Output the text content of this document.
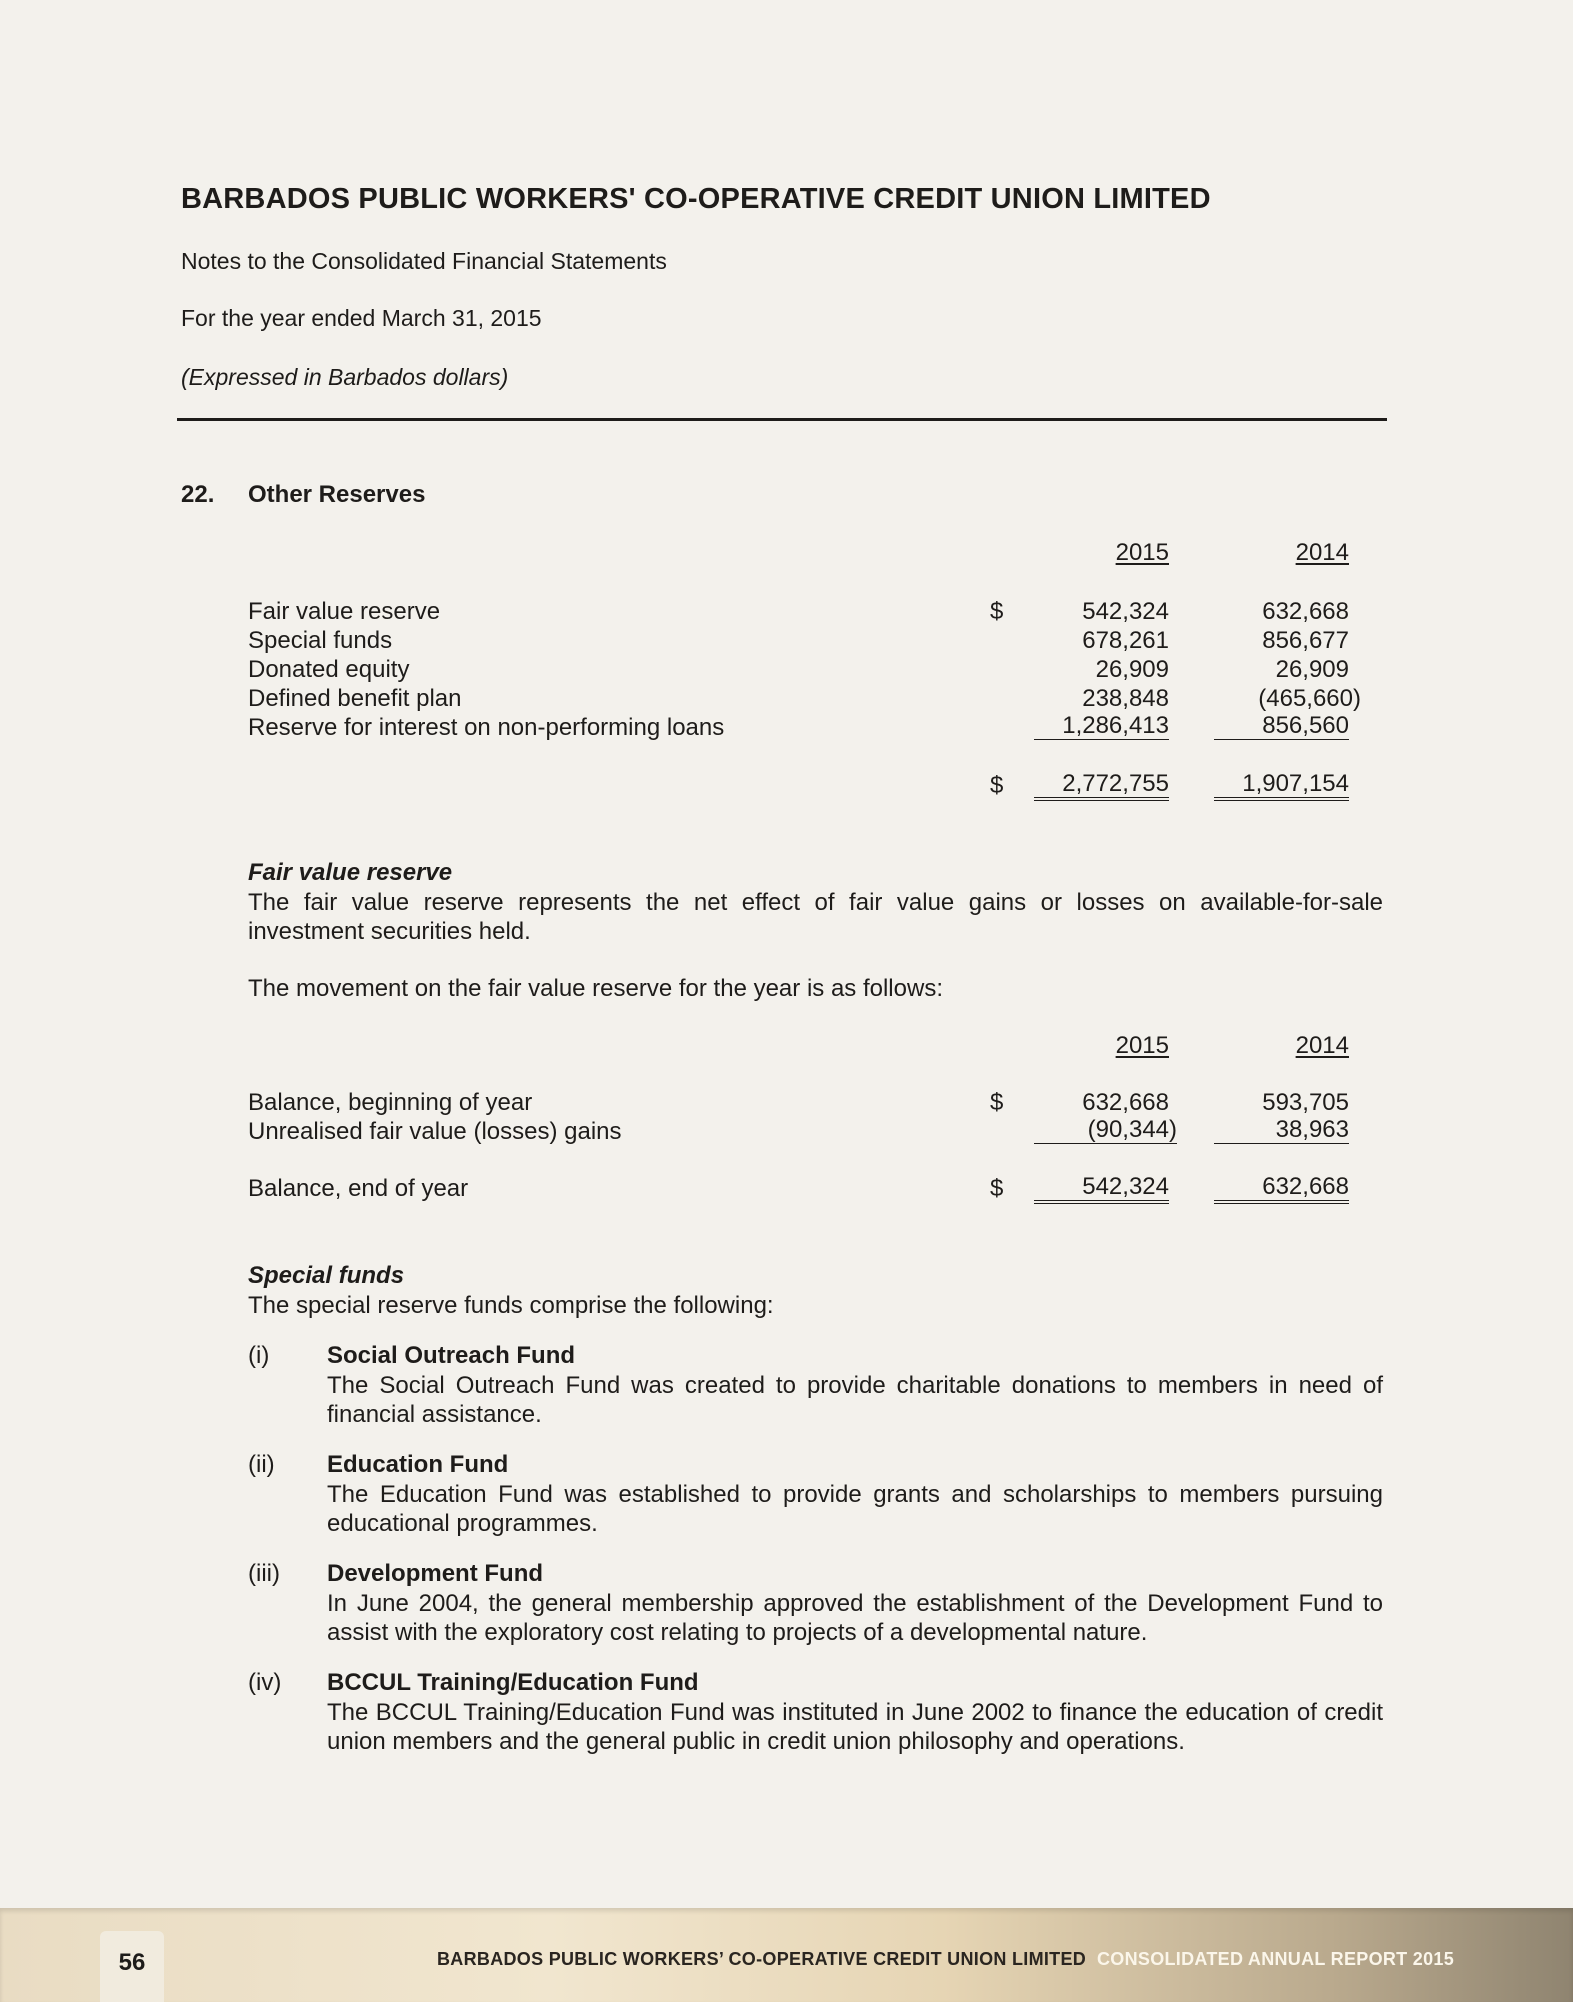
BARBADOS PUBLIC WORKERS' CO-OPERATIVE CREDIT UNION LIMITED
Notes to the Consolidated Financial Statements
For the year ended March 31, 2015
(Expressed in Barbados dollars)
22. Other Reserves
2015	2014
Fair value reserve	$	542,324	632,668
Special funds	678,261	856,677
Donated equity	26,909	26,909
Defined benefit plan	238,848	(465,660)
Reserve for interest on non-performing loans	1,286,413	856,560
$	2,772,755	1,907,154
Fair value reserve
The fair value reserve represents the net effect of fair value gains or losses on available-for-sale investment securities held.
The movement on the fair value reserve for the year is as follows:
2015	2014
Balance, beginning of year	$	632,668	593,705
Unrealised fair value (losses) gains	(90,344)	38,963
Balance, end of year	$	542,324	632,668
Special funds
The special reserve funds comprise the following:
(i) Social Outreach Fund
The Social Outreach Fund was created to provide charitable donations to members in need of financial assistance.
(ii) Education Fund
The Education Fund was established to provide grants and scholarships to members pursuing educational programmes.
(iii) Development Fund
In June 2004, the general membership approved the establishment of the Development Fund to assist with the exploratory cost relating to projects of a developmental nature.
(iv) BCCUL Training/Education Fund
The BCCUL Training/Education Fund was instituted in June 2002 to finance the education of credit union members and the general public in credit union philosophy and operations.
56	BARBADOS PUBLIC WORKERS’ CO-OPERATIVE CREDIT UNION LIMITED CONSOLIDATED ANNUAL REPORT 2015
